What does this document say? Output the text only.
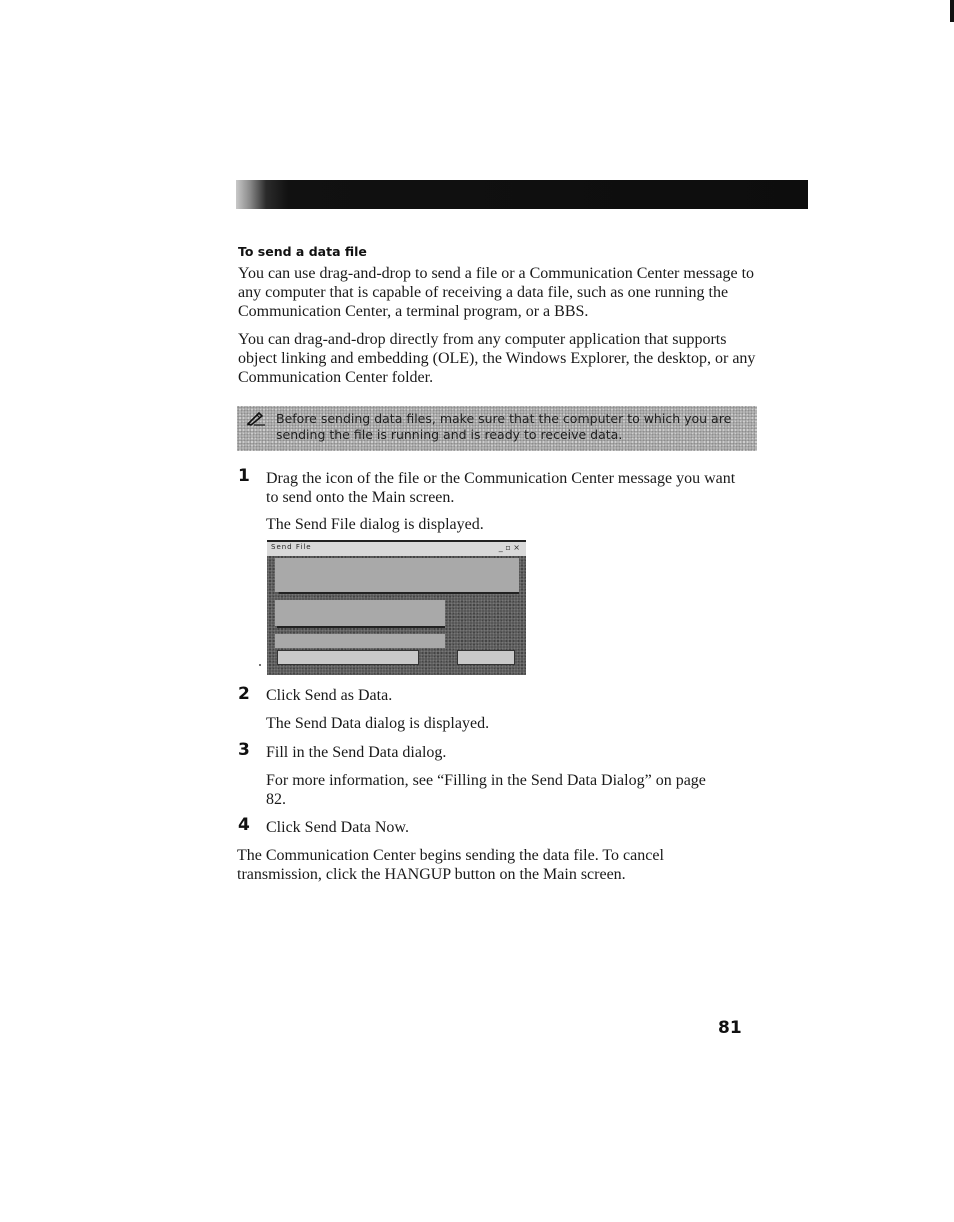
To send a data file

You can use drag-and-drop to send a file or a Communication Center message to any computer that is capable of receiving a data file, such as one running the Communication Center, a terminal program, or a BBS.

You can drag-and-drop directly from any computer application that supports object linking and embedding (OLE), the Windows Explorer, the desktop, or any Communication Center folder.

Before sending data files, make sure that the computer to which you are sending the file is running and is ready to receive data.
1 Drag the icon of the file or the Communication Center message you want to send onto the Main screen.

The Send File dialog is displayed.

Send File	_ ▫ ×
2 Click Send as Data.

The Send Data dialog is displayed.

3 Fill in the Send Data dialog.

For more information, see “Filling in the Send Data Dialog” on page 82.

4 Click Send Data Now.

The Communication Center begins sending the data file. To cancel transmission, click the HANGUP button on the Main screen.

81
